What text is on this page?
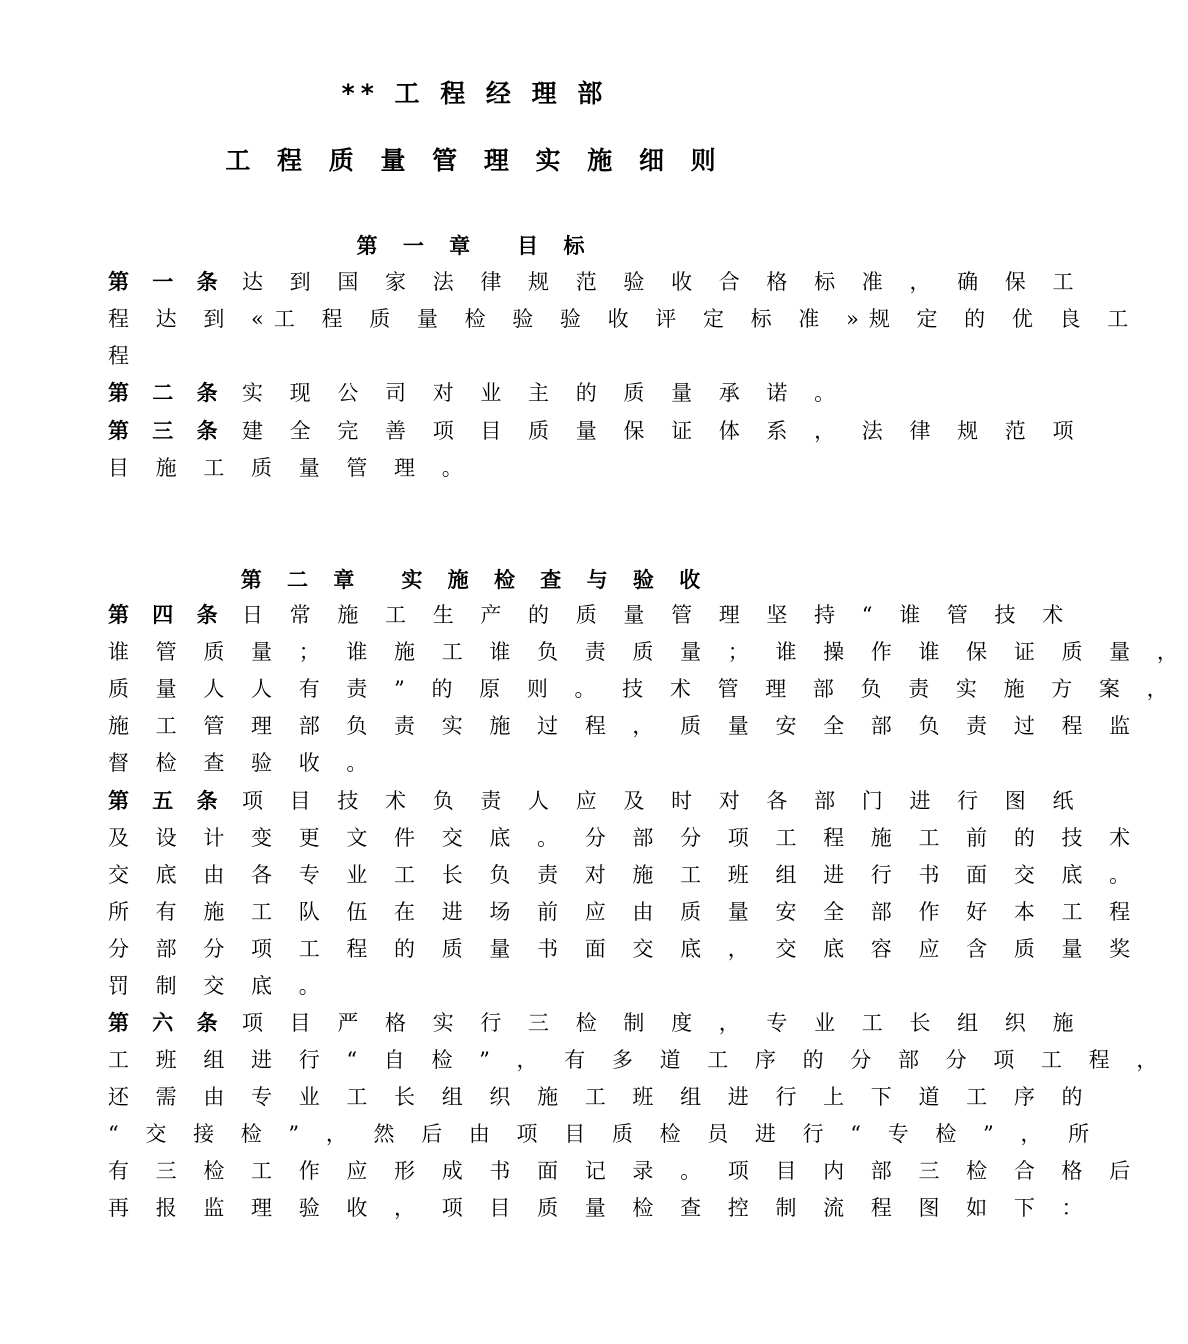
** 工 程 经 理 部
工 程 质 量 管 理 实 施 细 则
第 一 章 目 标
第 一 条 达 到 国 家 法 律 规 范 验 收 合 格 标 准 ， 确 保 工
程 达 到 «工 程 质 量 检 验 验 收 评 定 标 准 »规 定 的 优 良 工
程
第 二 条 实 现 公 司 对 业 主 的 质 量 承 诺 。
第 三 条 建 全 完 善 项 目 质 量 保 证 体 系 ， 法 律 规 范 项
目 施 工 质 量 管 理 。
第 二 章 实 施 检 查 与 验 收
第 四 条 日 常 施 工 生 产 的 质 量 管 理 坚 持 “ 谁 管 技 术
谁 管 质 量 ； 谁 施 工 谁 负 责 质 量 ； 谁 操 作 谁 保 证 质 量 ，
质 量 人 人 有 责 ” 的 原 则 。 技 术 管 理 部 负 责 实 施 方 案 ，
施 工 管 理 部 负 责 实 施 过 程 ， 质 量 安 全 部 负 责 过 程 监
督 检 查 验 收 。
第 五 条 项 目 技 术 负 责 人 应 及 时 对 各 部 门 进 行 图 纸
及 设 计 变 更 文 件 交 底 。 分 部 分 项 工 程 施 工 前 的 技 术
交 底 由 各 专 业 工 长 负 责 对 施 工 班 组 进 行 书 面 交 底 。
所 有 施 工 队 伍 在 进 场 前 应 由 质 量 安 全 部 作 好 本 工 程
分 部 分 项 工 程 的 质 量 书 面 交 底 ， 交 底 容 应 含 质 量 奖
罚 制 交 底 。
第 六 条 项 目 严 格 实 行 三 检 制 度 ， 专 业 工 长 组 织 施
工 班 组 进 行 “ 自 检 ” ， 有 多 道 工 序 的 分 部 分 项 工 程 ，
还 需 由 专 业 工 长 组 织 施 工 班 组 进 行 上 下 道 工 序 的
“ 交 接 检 ” ， 然 后 由 项 目 质 检 员 进 行 “ 专 检 ” ， 所
有 三 检 工 作 应 形 成 书 面 记 录 。 项 目 内 部 三 检 合 格 后
再 报 监 理 验 收 ， 项 目 质 量 检 查 控 制 流 程 图 如 下 ：
